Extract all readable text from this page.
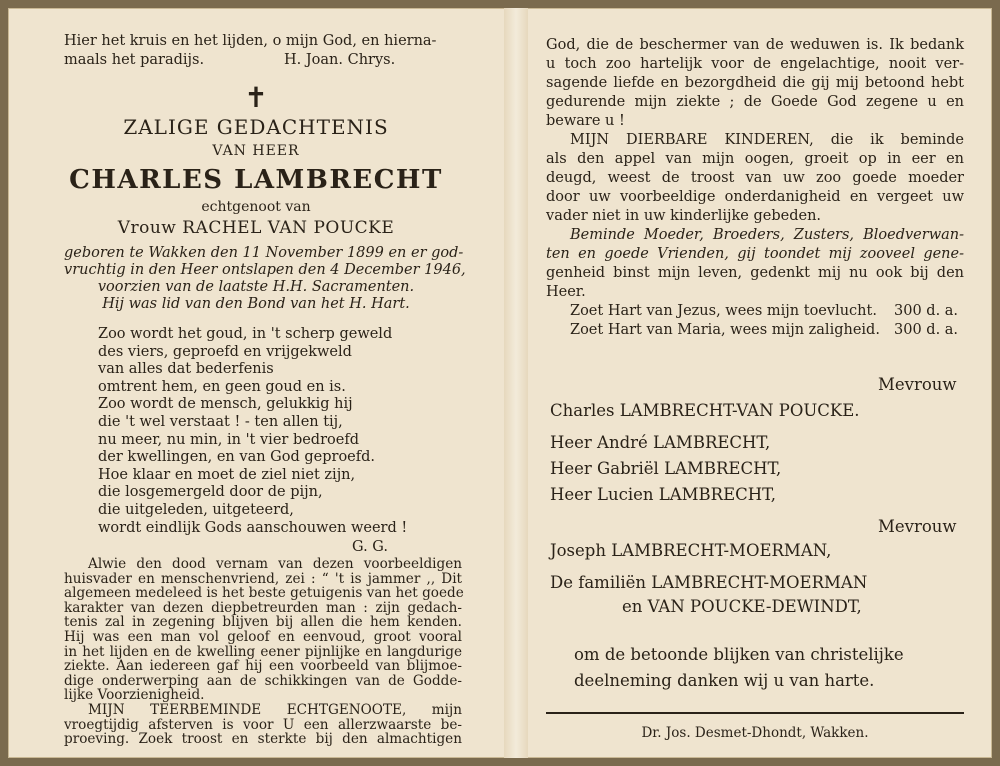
Hier het kruis en het lijden, o mijn God, en hierna-
maals het paradijs.	H. Joan. Chrys.
✝
ZALIGE GEDACHTENIS
VAN HEER
CHARLES LAMBRECHT
echtgenoot van
Vrouw RACHEL VAN POUCKE
geboren te Wakken den 11 November 1899 en er god-
vruchtig in den Heer ontslapen den 4 December 1946,
voorzien van de laatste H.H. Sacramenten.
Hij was lid van den Bond van het H. Hart.
Zoo wordt het goud, in 't scherp geweld
des viers, geproefd en vrijgekweld
van alles dat bederfenis
omtrent hem, en geen goud en is.
Zoo wordt de mensch, gelukkig hij
die 't wel verstaat ! - ten allen tij,
nu meer, nu min, in 't vier bedroefd
der kwellingen, en van God geproefd.
Hoe klaar en moet de ziel niet zijn,
die losgemergeld door de pijn,
die uitgeleden, uitgeteerd,
wordt eindlijk Gods aanschouwen weerd !
G. G.
Alwie den dood vernam van dezen voorbeeldigen
huisvader en menschenvriend, zei : “ 't is jammer ,, Dit
algemeen medeleed is het beste getuigenis van het goede
karakter van dezen diepbetreurden man : zijn gedach-
tenis zal in zegening blijven bij allen die hem kenden.
Hij was een man vol geloof en eenvoud, groot vooral
in het lijden en de kwelling eener pijnlijke en langdurige
ziekte. Aan iedereen gaf hij een voorbeeld van blijmoe-
dige onderwerping aan de schikkingen van de Godde-
lijke Voorzienigheid.
MIJN TEERBEMINDE ECHTGENOOTE, mijn
vroegtijdig afsterven is voor U een allerzwaarste be-
proeving. Zoek troost en sterkte bij den almachtigen
God, die de beschermer van de weduwen is. Ik bedank
u toch zoo hartelijk voor de engelachtige, nooit ver-
sagende liefde en bezorgdheid die gij mij betoond hebt
gedurende mijn ziekte ; de Goede God zegene u en
beware u !
MIJN DIERBARE KINDEREN, die ik beminde
als den appel van mijn oogen, groeit op in eer en
deugd, weest de troost van uw zoo goede moeder
door uw voorbeeldige onderdanigheid en vergeet uw
vader niet in uw kinderlijke gebeden.
Beminde Moeder, Broeders, Zusters, Bloedverwan-
ten en goede Vrienden, gij toondet mij zooveel gene-
genheid binst mijn leven, gedenkt mij nu ook bij den
Heer.
Zoet Hart van Jezus, wees mijn toevlucht. 300 d. a.
Zoet Hart van Maria, wees mijn zaligheid. 300 d. a.
Mevrouw
Charles LAMBRECHT-VAN POUCKE.
Heer André LAMBRECHT,
Heer Gabriël LAMBRECHT,
Heer Lucien LAMBRECHT,
Mevrouw
Joseph LAMBRECHT-MOERMAN,
De familiën LAMBRECHT-MOERMAN
en VAN POUCKE-DEWINDT,
om de betoonde blijken van christelijke
deelneming danken wij u van harte.
Dr. Jos. Desmet-Dhondt, Wakken.
